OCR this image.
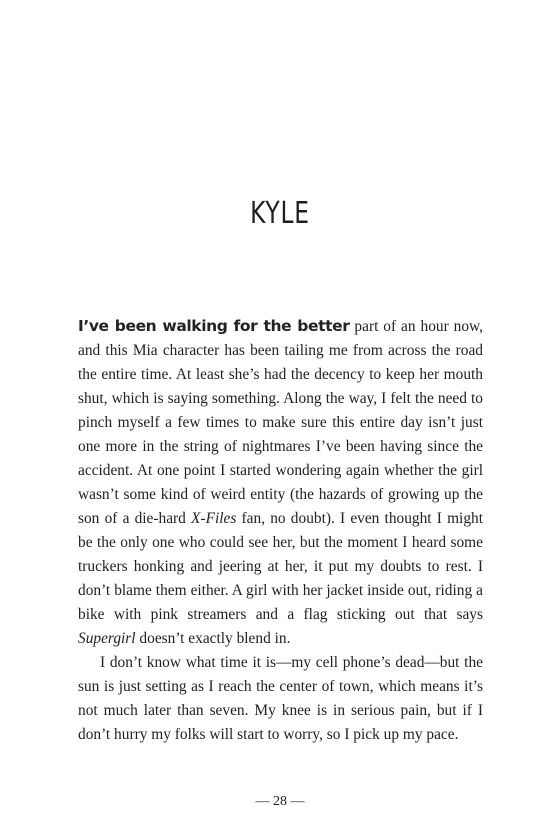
KYLE

I’ve been walking for the better part of an hour now, and this Mia character has been tailing me from across the road the entire time. At least she’s had the decency to keep her mouth shut, which is saying something. Along the way, I felt the need to pinch myself a few times to make sure this entire day isn’t just one more in the string of nightmares I’ve been having since the accident. At one point I started wondering again whether the girl wasn’t some kind of weird entity (the hazards of growing up the son of a die-hard X-Files fan, no doubt). I even thought I might be the only one who could see her, but the moment I heard some truckers honking and jeering at her, it put my doubts to rest. I don’t blame them either. A girl with her jacket inside out, riding a bike with pink streamers and a flag sticking out that says Supergirl doesn’t exactly blend in.

I don’t know what time it is—my cell phone’s dead—but the sun is just setting as I reach the center of town, which means it’s not much later than seven. My knee is in serious pain, but if I don’t hurry my folks will start to worry, so I pick up my pace.

— 28 —
